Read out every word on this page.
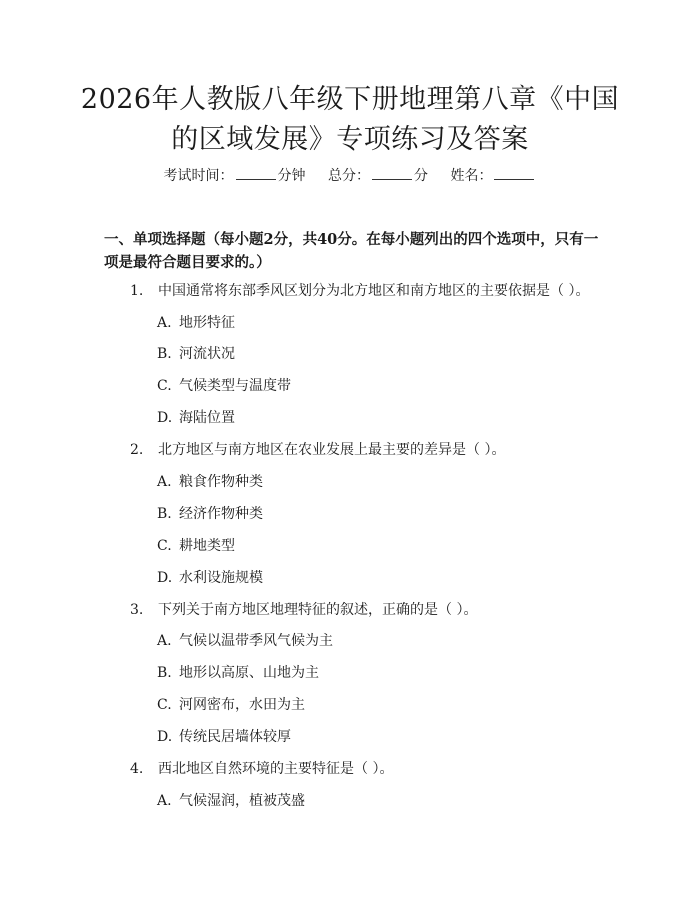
2026年人教版八年级下册地理第八章《中国
的区域发展》专项练习及答案
考试时间：	分钟 总分：	分 姓名：
一、单项选择题（每小题2分，共40分。在每小题列出的四个选项中，只有一项是最符合题目要求的。）
1. 中国通常将东部季风区划分为北方地区和南方地区的主要依据是（ ）。
A. 地形特征
B. 河流状况
C. 气候类型与温度带
D. 海陆位置
2. 北方地区与南方地区在农业发展上最主要的差异是（ ）。
A. 粮食作物种类
B. 经济作物种类
C. 耕地类型
D. 水利设施规模
3. 下列关于南方地区地理特征的叙述，正确的是（ ）。
A. 气候以温带季风气候为主
B. 地形以高原、山地为主
C. 河网密布，水田为主
D. 传统民居墙体较厚
4. 西北地区自然环境的主要特征是（ ）。
A. 气候湿润，植被茂盛
